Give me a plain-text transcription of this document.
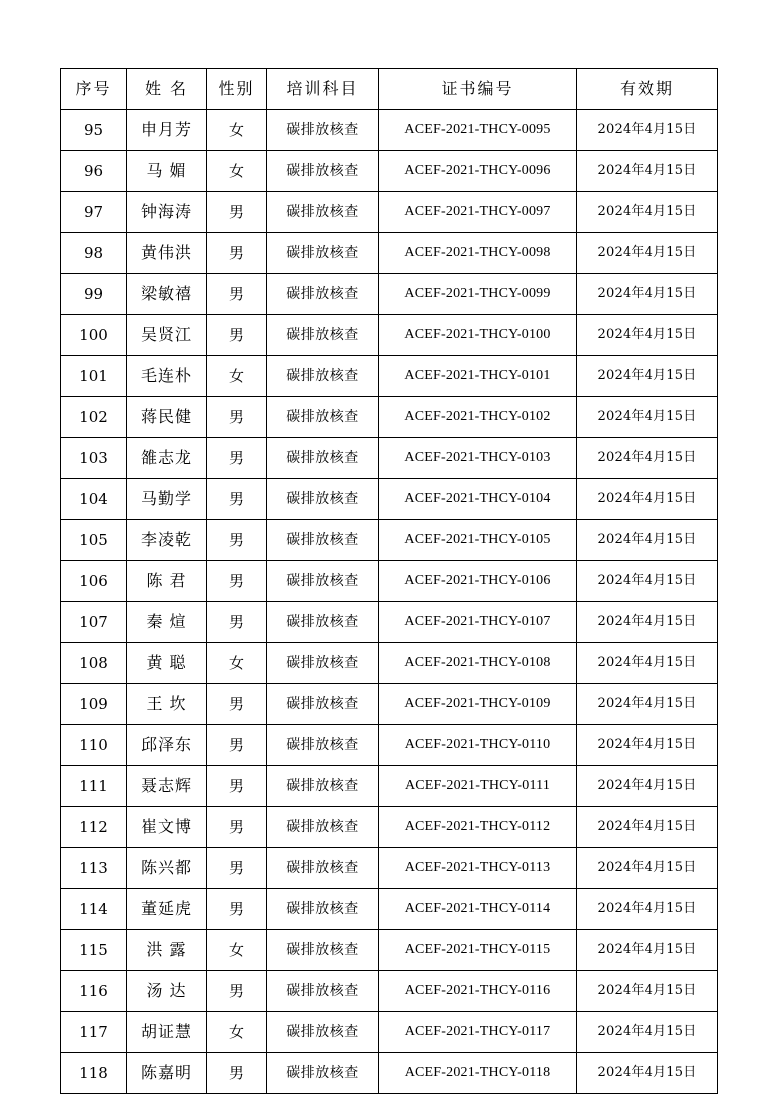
序号	姓 名	性别	培训科目	证书编号	有效期
95	申月芳	女	碳排放核查	ACEF-2021-THCY-0095	2024年4月15日
96	马 媚	女	碳排放核查	ACEF-2021-THCY-0096	2024年4月15日
97	钟海涛	男	碳排放核查	ACEF-2021-THCY-0097	2024年4月15日
98	黄伟洪	男	碳排放核查	ACEF-2021-THCY-0098	2024年4月15日
99	梁敏禧	男	碳排放核查	ACEF-2021-THCY-0099	2024年4月15日
100	吴贤江	男	碳排放核查	ACEF-2021-THCY-0100	2024年4月15日
101	毛连朴	女	碳排放核查	ACEF-2021-THCY-0101	2024年4月15日
102	蒋民健	男	碳排放核查	ACEF-2021-THCY-0102	2024年4月15日
103	雒志龙	男	碳排放核查	ACEF-2021-THCY-0103	2024年4月15日
104	马勤学	男	碳排放核查	ACEF-2021-THCY-0104	2024年4月15日
105	李凌乾	男	碳排放核查	ACEF-2021-THCY-0105	2024年4月15日
106	陈 君	男	碳排放核查	ACEF-2021-THCY-0106	2024年4月15日
107	秦 煊	男	碳排放核查	ACEF-2021-THCY-0107	2024年4月15日
108	黄 聪	女	碳排放核查	ACEF-2021-THCY-0108	2024年4月15日
109	王 坎	男	碳排放核查	ACEF-2021-THCY-0109	2024年4月15日
110	邱泽东	男	碳排放核查	ACEF-2021-THCY-0110	2024年4月15日
111	聂志辉	男	碳排放核查	ACEF-2021-THCY-0111	2024年4月15日
112	崔文博	男	碳排放核查	ACEF-2021-THCY-0112	2024年4月15日
113	陈兴都	男	碳排放核查	ACEF-2021-THCY-0113	2024年4月15日
114	董延虎	男	碳排放核查	ACEF-2021-THCY-0114	2024年4月15日
115	洪 露	女	碳排放核查	ACEF-2021-THCY-0115	2024年4月15日
116	汤 达	男	碳排放核查	ACEF-2021-THCY-0116	2024年4月15日
117	胡证慧	女	碳排放核查	ACEF-2021-THCY-0117	2024年4月15日
118	陈嘉明	男	碳排放核查	ACEF-2021-THCY-0118	2024年4月15日
